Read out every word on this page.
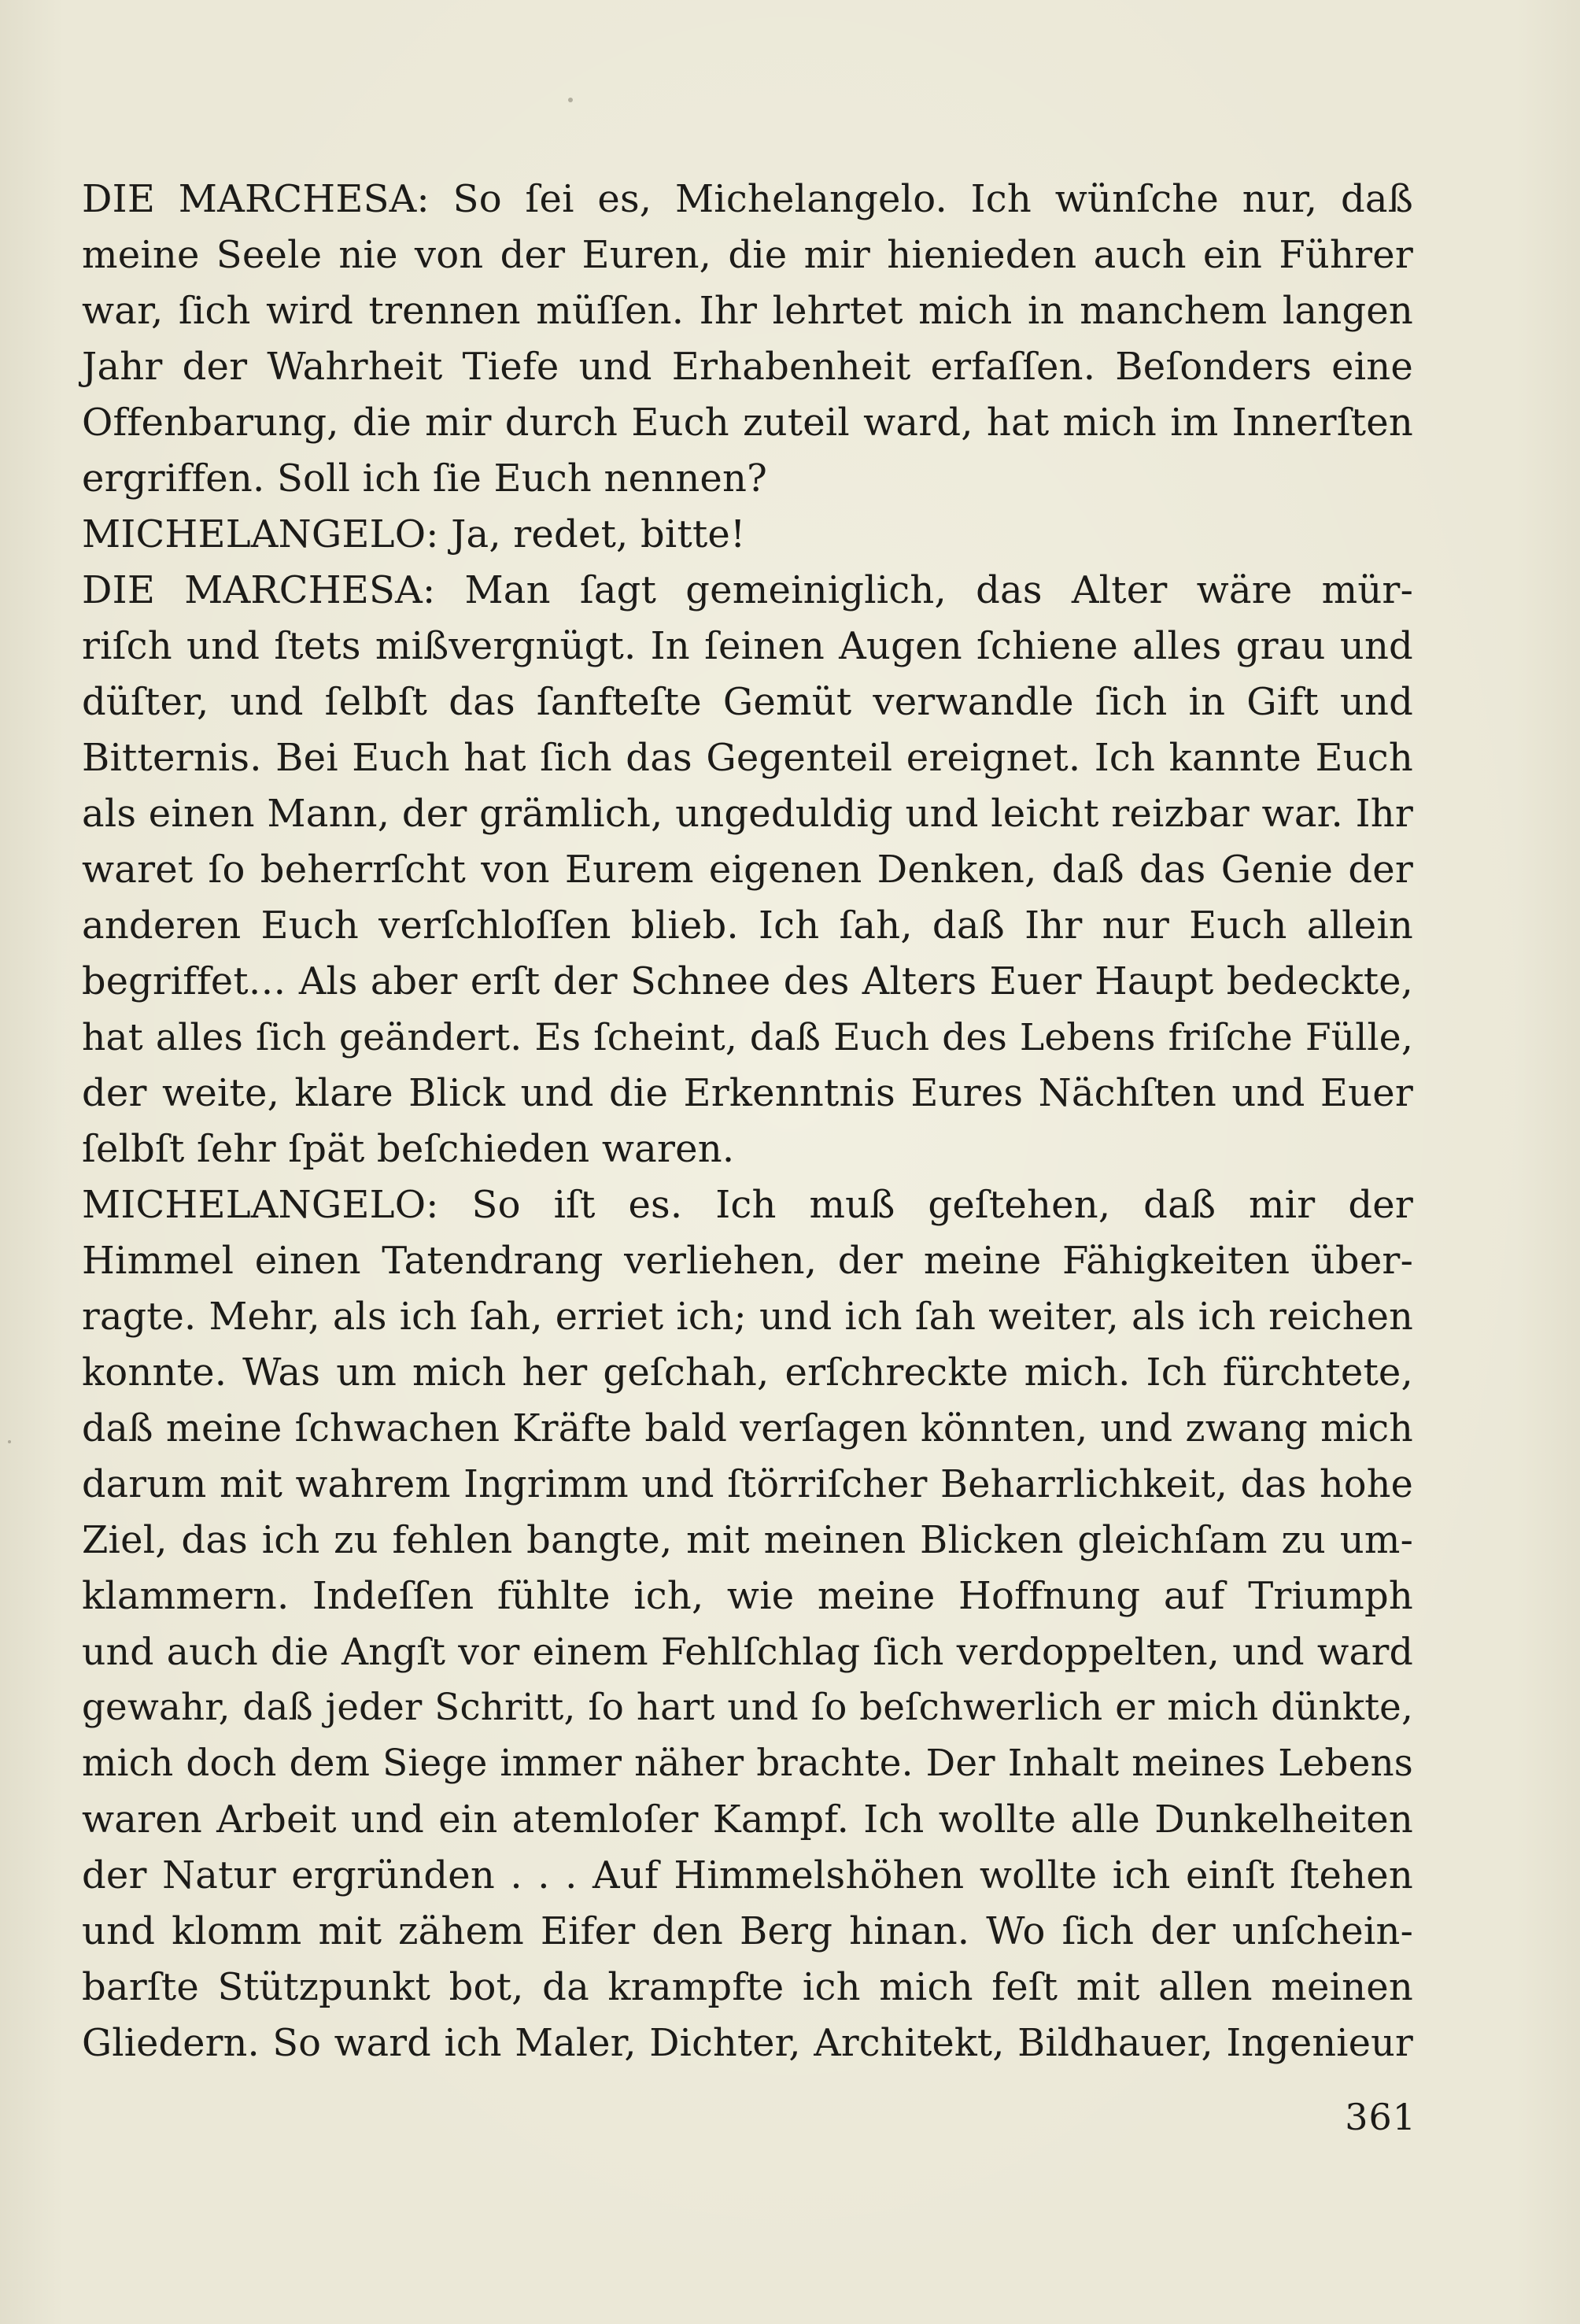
DIE MARCHESA: So ſei es, Michelangelo. Ich wünſche nur, daß
meine Seele nie von der Euren, die mir hienieden auch ein Führer
war, ſich wird trennen müſſen. Ihr lehrtet mich in manchem langen
Jahr der Wahrheit Tiefe und Erhabenheit erfaſſen. Beſonders eine
Offenbarung, die mir durch Euch zuteil ward, hat mich im Innerſten
ergriffen. Soll ich ſie Euch nennen?
MICHELANGELO: Ja, redet, bitte!
DIE MARCHESA: Man ſagt gemeiniglich, das Alter wäre mür-
riſch und ſtets mißvergnügt. In ſeinen Augen ſchiene alles grau und
düſter, und ſelbſt das ſanfteſte Gemüt verwandle ſich in Gift und
Bitternis. Bei Euch hat ſich das Gegenteil ereignet. Ich kannte Euch
als einen Mann, der grämlich, ungeduldig und leicht reizbar war. Ihr
waret ſo beherrſcht von Eurem eigenen Denken, daß das Genie der
anderen Euch verſchloſſen blieb. Ich ſah, daß Ihr nur Euch allein
begriffet… Als aber erſt der Schnee des Alters Euer Haupt bedeckte,
hat alles ſich geändert. Es ſcheint, daß Euch des Lebens friſche Fülle,
der weite, klare Blick und die Erkenntnis Eures Nächſten und Euer
ſelbſt ſehr ſpät beſchieden waren.
MICHELANGELO: So iſt es. Ich muß geſtehen, daß mir der
Himmel einen Tatendrang verliehen, der meine Fähigkeiten über-
ragte. Mehr, als ich ſah, erriet ich; und ich ſah weiter, als ich reichen
konnte. Was um mich her geſchah, erſchreckte mich. Ich fürchtete,
daß meine ſchwachen Kräfte bald verſagen könnten, und zwang mich
darum mit wahrem Ingrimm und ſtörriſcher Beharrlichkeit, das hohe
Ziel, das ich zu fehlen bangte, mit meinen Blicken gleichſam zu um-
klammern. Indeſſen fühlte ich, wie meine Hoffnung auf Triumph
und auch die Angſt vor einem Fehlſchlag ſich verdoppelten, und ward
gewahr, daß jeder Schritt, ſo hart und ſo beſchwerlich er mich dünkte,
mich doch dem Siege immer näher brachte. Der Inhalt meines Lebens
waren Arbeit und ein atemloſer Kampf. Ich wollte alle Dunkelheiten
der Natur ergründen . . . Auf Himmelshöhen wollte ich einſt ſtehen
und klomm mit zähem Eifer den Berg hinan. Wo ſich der unſchein-
barſte Stützpunkt bot, da krampfte ich mich feſt mit allen meinen
Gliedern. So ward ich Maler, Dichter, Architekt, Bildhauer, Ingenieur
361
